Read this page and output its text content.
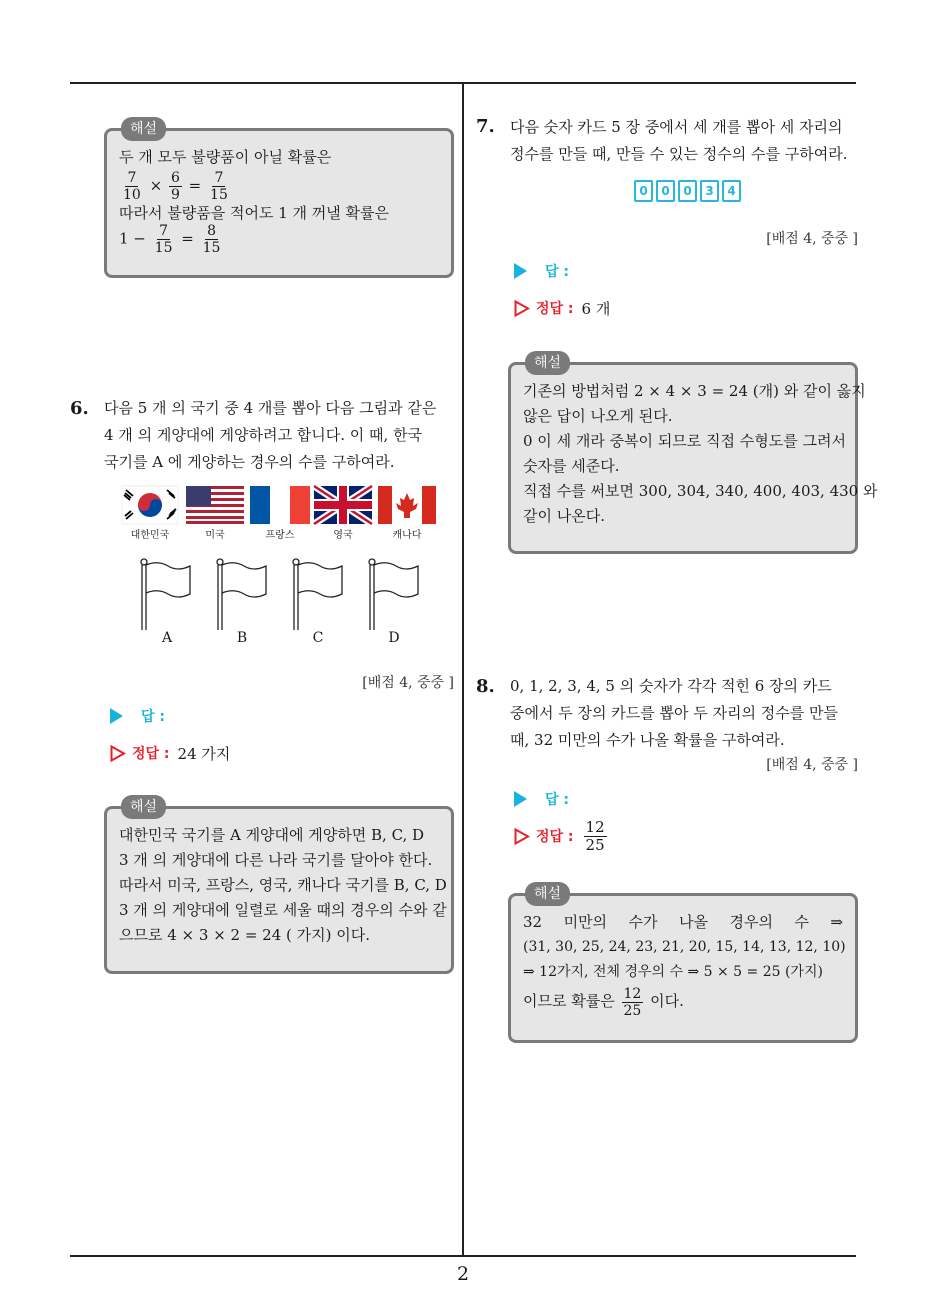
2
해설
두 개 모두 불량품이 아닐 확률은
$\frac{7}{10} \times \frac{6}{9} = \frac{7}{15}$
따라서 불량품을 적어도 1 개 꺼낼 확률은
$1 - \frac{7}{15} = \frac{8}{15}$
6. 다음 5 개 의 국기 중 4 개를 뽑아 다음 그림과 같은
4 개 의 게양대에 게양하려고 합니다. 이 때, 한국
국기를 A 에 게양하는 경우의 수를 구하여라.
대한민국	미국	프랑스	영국	캐나다
A	B	C	D
[배점 4, 중중 ]
답 :
정답 : 24 가지
해설
대한민국 국기를 A 게양대에 게양하면 B, C, D
3 개 의 게양대에 다른 나라 국기를 달아야 한다.
따라서 미국, 프랑스, 영국, 캐나다 국기를 B, C, D
3 개 의 게양대에 일렬로 세울 때의 경우의 수와 같
으므로 4 × 3 × 2 = 24 ( 가지) 이다.
7. 다음 숫자 카드 5 장 중에서 세 개를 뽑아 세 자리의
정수를 만들 때, 만들 수 있는 정수의 수를 구하여라.
0	0	0	3	4
[배점 4, 중중 ]
답 :
정답 : 6 개
해설
기존의 방법처럼 2 × 4 × 3 = 24 (개) 와 같이 옳지
않은 답이 나오게 된다.
0 이 세 개라 중복이 되므로 직접 수형도를 그려서
숫자를 세준다.
직접 수를 써보면 300, 304, 340, 400, 403, 430 와
같이 나온다.
8. 0, 1, 2, 3, 4, 5 의 숫자가 각각 적힌 6 장의 카드
중에서 두 장의 카드를 뽑아 두 자리의 정수를 만들
때, 32 미만의 수가 나올 확률을 구하여라.
[배점 4, 중중 ]
답 :
정답 : $\frac{12}{25}$
해설
32 미만의 수가 나올 경우의 수 ⇒
(31, 30, 25, 24, 23, 21, 20, 15, 14, 13, 12, 10)
⇒ 12가지, 전체 경우의 수 ⇒ 5 × 5 = 25 (가지)
이므로 확률은 $\frac{12}{25}$ 이다.
